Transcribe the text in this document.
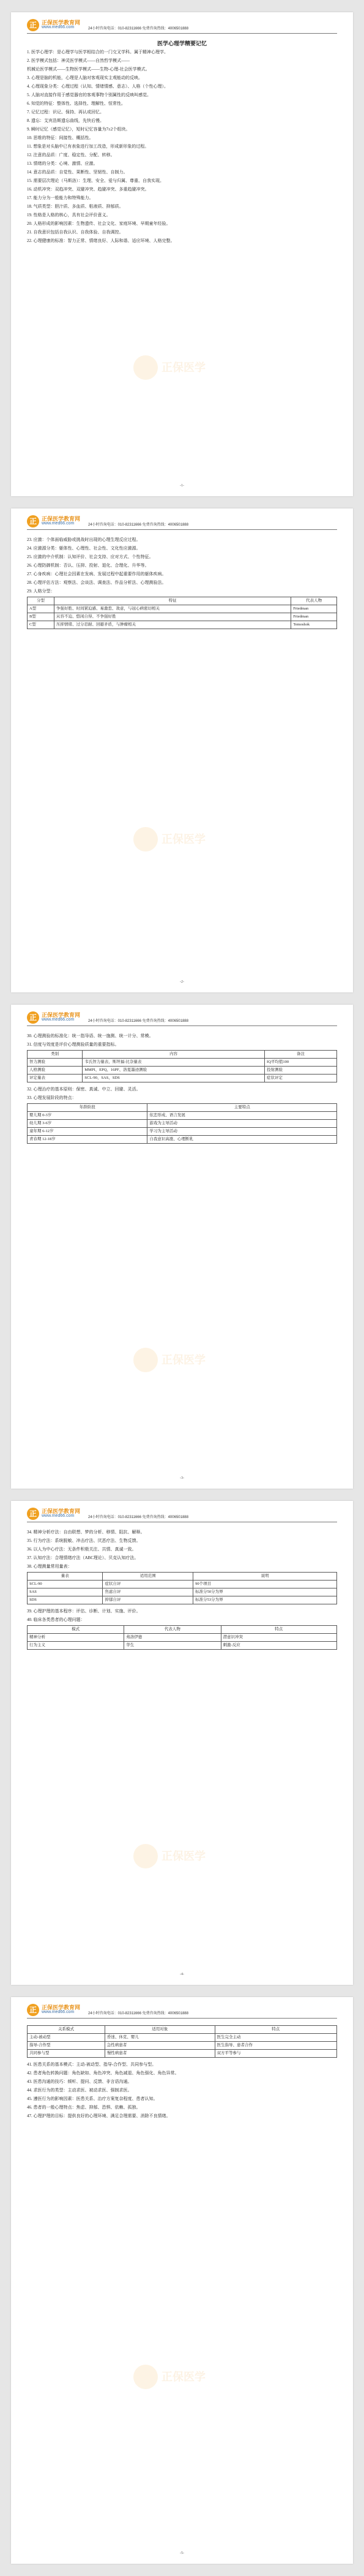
正 正保医学教育网
www.med66.com	24小时咨询电话：010-82311666 免费咨询热线：4006501888

医学心理学精要记忆

1. 医学心理学：是心理学与医学相结合的一门交叉学科。属于精神心理学。

2. 医学模式包括：神灵医学模式——自然哲学模式——

机械论医学模式——生物医学模式——生物-心理-社会医学模式。

3. 心理是脑的机能，心理是人脑对客观现实主观能动的反映。

4. 心理现象分类：心理过程（认知、情绪情感、意志）、人格（个性心理）。

5. 人脑对直接作用于感觉器官的客观事物个别属性的反映叫感觉。

6. 知觉的特征：整体性、选择性、理解性、恒常性。

7. 记忆过程：识记、保持、再认或回忆。

8. 遗忘：艾宾浩斯遗忘曲线，先快后慢。

9. 瞬时记忆（感觉记忆），短时记忆容量为7±2个组块。

10. 思维的特征：间接性、概括性。

11. 想象是对头脑中已有表象进行加工改造，形成新形象的过程。

12. 注意的品质：广度、稳定性、分配、转移。

13. 情绪的分类：心境、激情、应激。

14. 意志的品质：自觉性、果断性、坚韧性、自制力。

15. 需要层次理论（马斯洛）：生理、安全、爱与归属、尊重、自我实现。

16. 动机冲突：双趋冲突、双避冲突、趋避冲突、多重趋避冲突。

17. 能力分为一般能力和特殊能力。

18. 气质类型：胆汁质、多血质、粘液质、抑郁质。

19. 性格是人格的核心，具有社会评价意义。

20. 人格形成的影响因素：生物遗传、社会文化、家庭环境、早期童年经验。

21. 自我意识包括自我认识、自我体验、自我调控。

22. 心理健康的标准：智力正常、情绪良好、人际和谐、适应环境、人格完整。

正保医学
-1-
正 正保医学教育网
www.med66.com	24小时咨询电话：010-82311666 免费咨询热线：4006501888

23. 应激：个体面临威胁或挑战时出现的心理生理反应过程。

24. 应激源分类：躯体性、心理性、社会性、文化性应激源。

25. 应激的中介机制：认知评价、社会支持、应对方式、个性特征。

26. 心理防御机制：否认、压抑、投射、退化、合理化、升华等。

27. 心身疾病：心理社会因素在发病、发展过程中起重要作用的躯体疾病。

28. 心理评估方法：观察法、会谈法、调查法、作品分析法、心理测验法。

29. 人格分型：

分型	特征	代表人物
A型	争强好胜、时间紧迫感、易激惹、敌意，与冠心病密切相关	Friedman
B型	从容不迫、悠闲自得、不争强好胜	Friedman
C型	压抑情绪、过分忍耐、回避矛盾，与肿瘤相关	Temoshok
正保医学
-2-
正 正保医学教育网
www.med66.com	24小时咨询电话：010-82311666 免费咨询热线：4006501888

30. 心理测验的标准化：统一指导语、统一施测、统一计分、常模。

31. 信度与效度是评价心理测验质量的重要指标。

类别	内容	备注
智力测验	韦氏智力量表、斯坦福-比奈量表	IQ平均值100
人格测验	MMPI、EPQ、16PF、洛夏墨迹测验	投射测验
评定量表	SCL-90、SAS、SDS	症状评定

32. 心理治疗的基本原则：保密、真诚、中立、回避、灵活。

33. 心理发展阶段的特点：

年龄阶段	主要特点
婴儿期 0-3岁	依恋形成、语言发展
幼儿期 3-6岁	游戏为主导活动
童年期 6-12岁	学习为主导活动
青春期 12-18岁	自我意识高涨、心理断乳
正保医学
-3-
正 正保医学教育网
www.med66.com	24小时咨询电话：010-82311666 免费咨询热线：4006501888

34. 精神分析疗法：自由联想、梦的分析、移情、阻抗、解释。

35. 行为疗法：系统脱敏、冲击疗法、厌恶疗法、生物反馈。

36. 以人为中心疗法：无条件积极关注、共情、真诚一致。

37. 认知疗法：合理情绪疗法（ABC理论）、贝克认知疗法。

38. 心理测量常用量表：

量表	适用范围	说明
SCL-90	症状自评	90个项目
SAS	焦虑自评	标准分50分为界
SDS	抑郁自评	标准分53分为界

39. 心理护理的基本程序：评估、诊断、计划、实施、评价。

40. 临床各类患者的心理问题：

模式	代表人物	特点
精神分析	弗洛伊德	潜意识冲突
行为主义	华生	刺激-反应
正保医学
-4-
正 正保医学教育网
www.med66.com	24小时咨询电话：010-82311666 免费咨询热线：4006501888
关系模式	适用对象	特点
主动-被动型	昏迷、休克、婴儿	医生完全主动
指导-合作型	急性病患者	医生指导、患者合作
共同参与型	慢性病患者	双方平等参与

41. 医患关系的基本模式：主动-被动型、指导-合作型、共同参与型。

42. 患者角色转换问题：角色缺如、角色冲突、角色减退、角色强化、角色异常。

43. 医患沟通的技巧：倾听、提问、反馈、非言语沟通。

44. 求医行为的类型：主动求医、被动求医、强制求医。

45. 遵医行为的影响因素：医患关系、治疗方案复杂程度、患者认知。

46. 患者的一般心理特点：焦虑、抑郁、恐惧、依赖、孤独。

47. 心理护理的目标：提供良好的心理环境、满足合理需要、消除不良情绪。

正保医学
-5-
